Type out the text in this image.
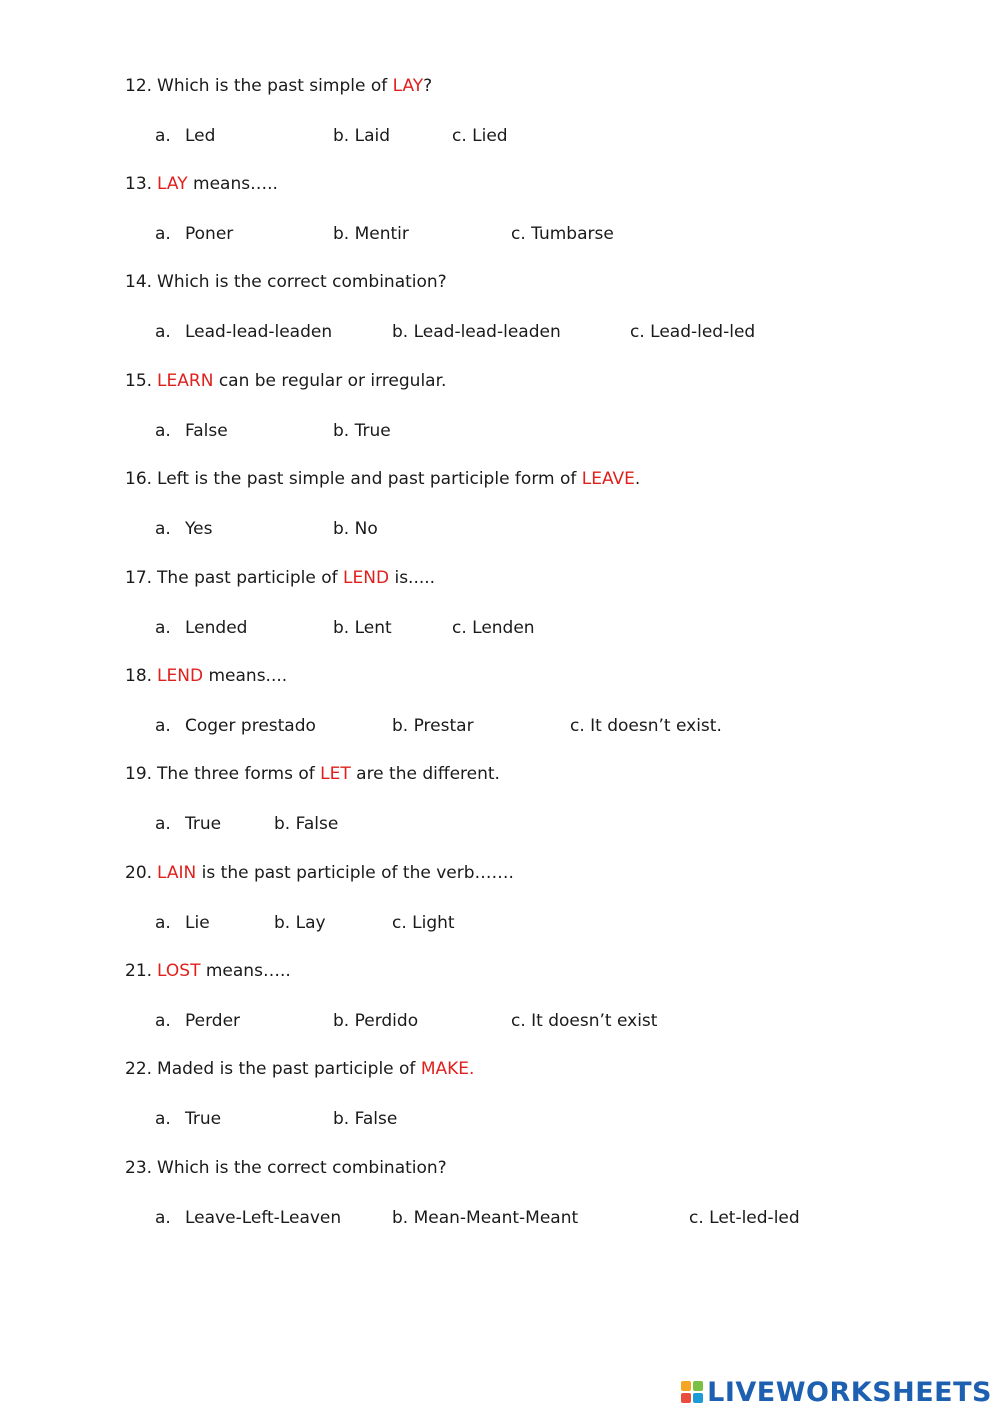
12. Which is the past simple of LAY?
a. Led	b. Laid	c. Lied
13. LAY means…..
a. Poner	b. Mentir	c. Tumbarse
14. Which is the correct combination?
a. Lead-lead-leaden	b. Lead-lead-leaden	c. Lead-led-led
15. LEARN can be regular or irregular.
a. False	b. True
16. Left is the past simple and past participle form of LEAVE.
a. Yes	b. No
17. The past participle of LEND is.....
a. Lended	b. Lent	c. Lenden
18. LEND means....
a. Coger prestado	b. Prestar	c. It doesn’t exist.
19. The three forms of LET are the different.
a. True	b. False
20. LAIN is the past participle of the verb…….
a. Lie	b. Lay	c. Light
21. LOST means…..
a. Perder	b. Perdido	c. It doesn’t exist
22. Maded is the past participle of MAKE.
a. True	b. False
23. Which is the correct combination?
a. Leave-Left-Leaven	b. Mean-Meant-Meant	c. Let-led-led
LIVEWORKSHEETS
